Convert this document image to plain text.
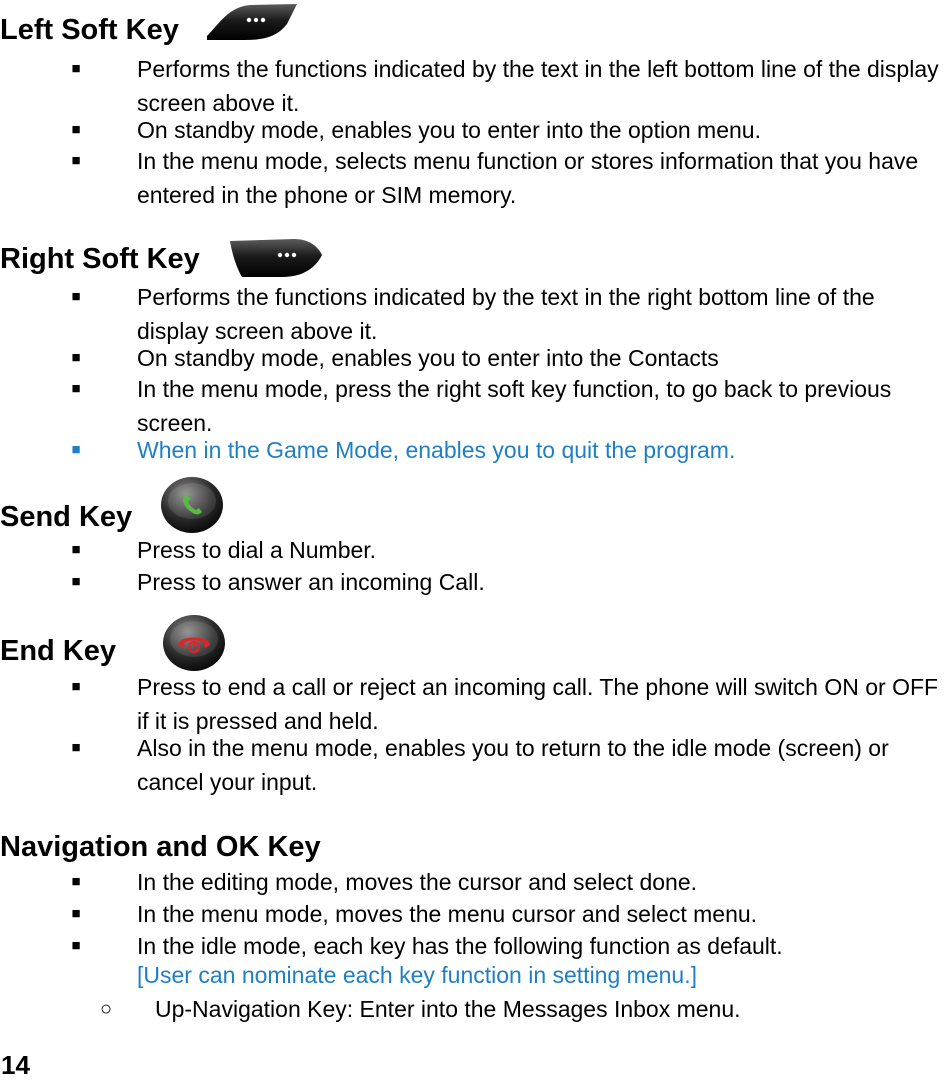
Left Soft Key
■ Performs the functions indicated by the text in the left bottom line of the display screen above it.

■ On standby mode, enables you to enter into the option menu.

■ In the menu mode, selects menu function or stores information that you have entered in the phone or SIM memory.

Right Soft Key
■ Performs the functions indicated by the text in the right bottom line of the display screen above it.

■ On standby mode, enables you to enter into the Contacts

■ In the menu mode, press the right soft key function, to go back to previous screen.

■ When in the Game Mode, enables you to quit the program.

Send Key
■ Press to dial a Number.

■ Press to answer an incoming Call.

End Key
■ Press to end a call or reject an incoming call. The phone will switch ON or OFF if it is pressed and held.

■ Also in the menu mode, enables you to return to the idle mode (screen) or cancel your input.

Navigation and OK Key
■ In the editing mode, moves the cursor and select done.

■ In the menu mode, moves the menu cursor and select menu.

■ In the idle mode, each key has the following function as default.

[User can nominate each key function in setting menu.]

○ Up-Navigation Key: Enter into the Messages Inbox menu.

14
